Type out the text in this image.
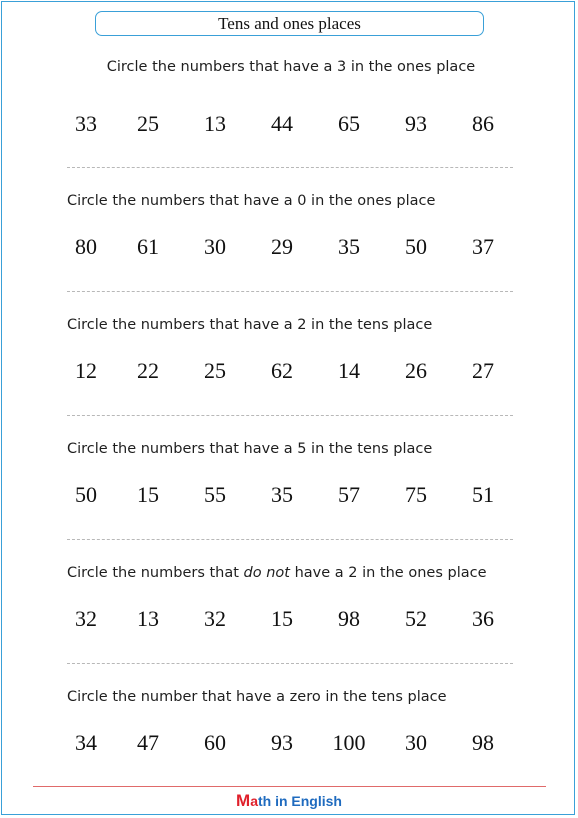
Tens and ones places
Circle the numbers that have a 3 in the ones place
33	25	13	44	65	93	86
Circle the numbers that have a 0 in the ones place
80	61	30	29	35	50	37
Circle the numbers that have a 2 in the tens place
12	22	25	62	14	26	27
Circle the numbers that have a 5 in the tens place
50	15	55	35	57	75	51
Circle the numbers that do not have a 2 in the ones place
32	13	32	15	98	52	36
Circle the number that have a zero in the tens place
34	47	60	93	100	30	98
Math in English
